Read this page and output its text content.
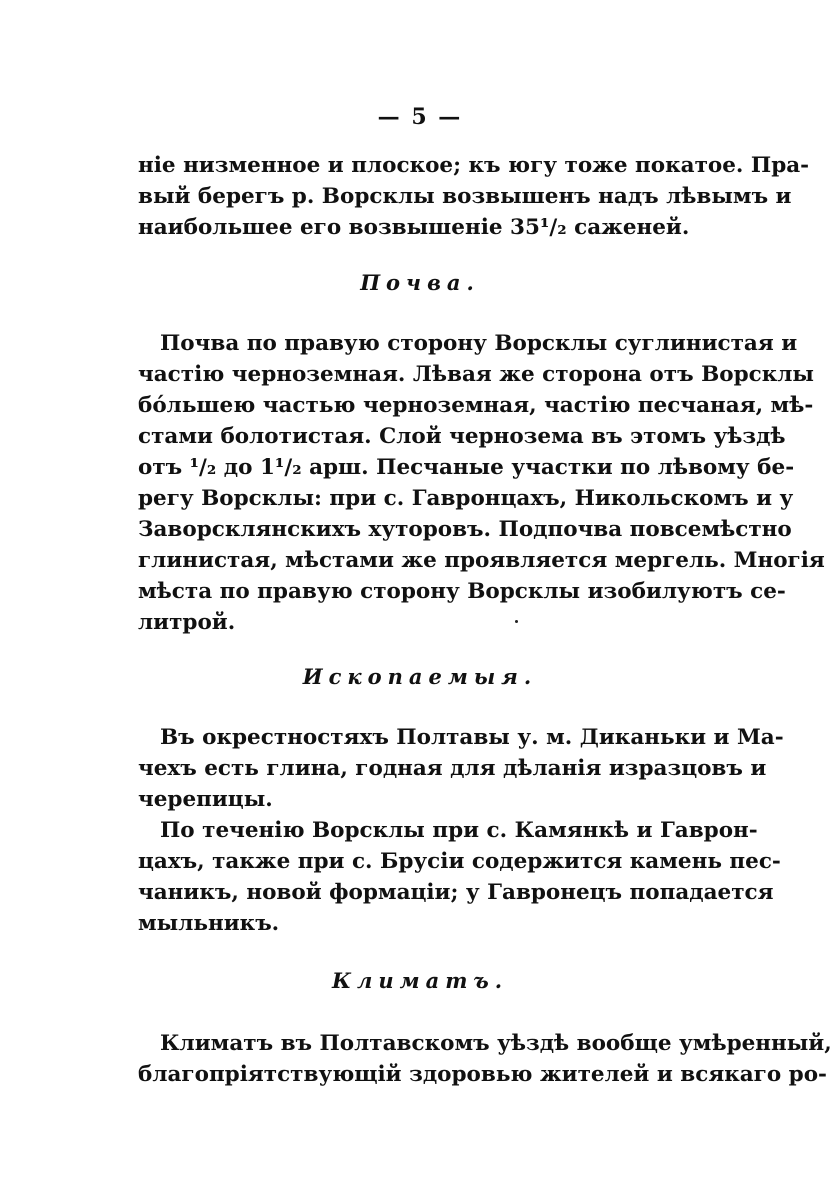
— 5 —
ніе низменное и плоское; къ югу тоже покатое. Пра-
вый берегъ р. Ворсклы возвышенъ надъ лѣвымъ и
наибольшее его возвышеніе 35¹/₂ саженей.
Почва.
Почва по правую сторону Ворсклы суглинистая и
частію черноземная. Лѣвая же сторона отъ Ворсклы
бóльшею частью черноземная, частію песчаная, мѣ-
стами болотистая. Слой чернозема въ этомъ уѣздѣ
отъ ¹/₂ до 1¹/₂ арш. Песчаные участки по лѣвому бе-
регу Ворсклы: при с. Гаврoнцахъ, Никольскомъ и у
Заворсклянскихъ хуторовъ. Подпочва повсемѣстно
глинистая, мѣстами же проявляется мергель. Многія
мѣста по правую сторону Ворсклы изобилуютъ се-
литрой.
Ископаемыя.
Въ окрестностяхъ Полтавы у. м. Диканьки и Ма-
чехъ есть глина, годная для дѣланія изразцовъ и
черепицы.
По теченію Ворсклы при с. Камянкѣ и Гаврон-
цахъ, также при с. Брусіи содержится камень пес-
чаникъ, новой формаціи; у Гавронецъ попадается
мыльникъ.
Климатъ.
Климатъ въ Полтавскомъ уѣздѣ вообще умѣренный,
благопріятствующій здоровью жителей и всякаго ро-
